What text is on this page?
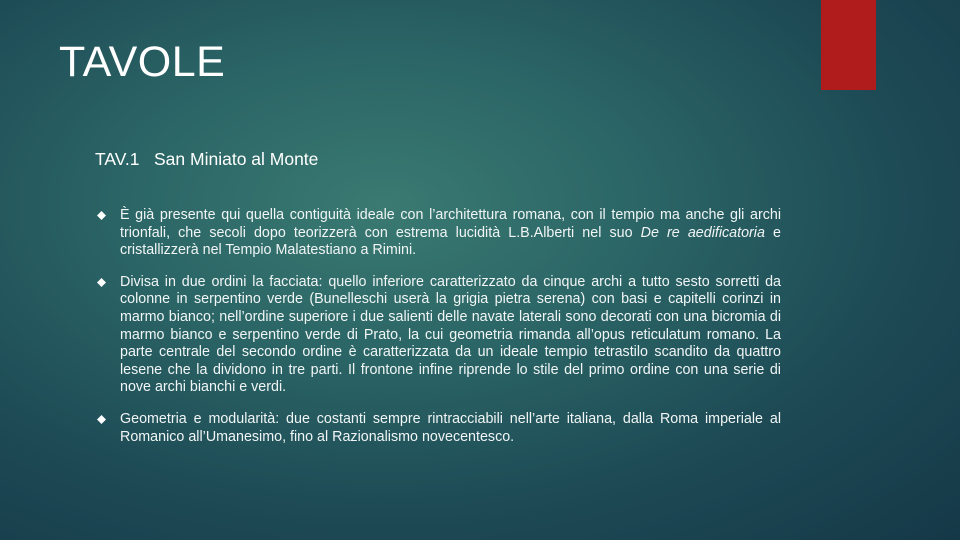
TAVOLE
TAV.1   San Miniato al Monte
È già presente qui quella contiguità ideale con l’architettura romana, con il tempio ma anche gli archi trionfali, che secoli dopo teorizzerà con estrema lucidità L.B.Alberti nel suo De re aedificatoria e cristallizzerà nel Tempio Malatestiano a Rimini.
Divisa in due ordini la facciata: quello inferiore caratterizzato da cinque archi a tutto sesto sorretti da colonne in serpentino verde (Bunelleschi userà la grigia pietra serena) con basi e capitelli corinzi in marmo bianco; nell’ordine superiore i due salienti delle navate laterali sono decorati con una bicromia di marmo bianco e serpentino verde di Prato, la cui geometria rimanda all’opus reticulatum romano. La parte centrale del secondo ordine è caratterizzata da un ideale tempio tetrastilo scandito da quattro lesene che la dividono in tre parti. Il frontone infine riprende lo stile del primo ordine con una serie di nove archi bianchi e verdi.
Geometria e modularità: due costanti sempre rintracciabili nell’arte italiana, dalla Roma imperiale al Romanico all’Umanesimo, fino al Razionalismo novecentesco.
